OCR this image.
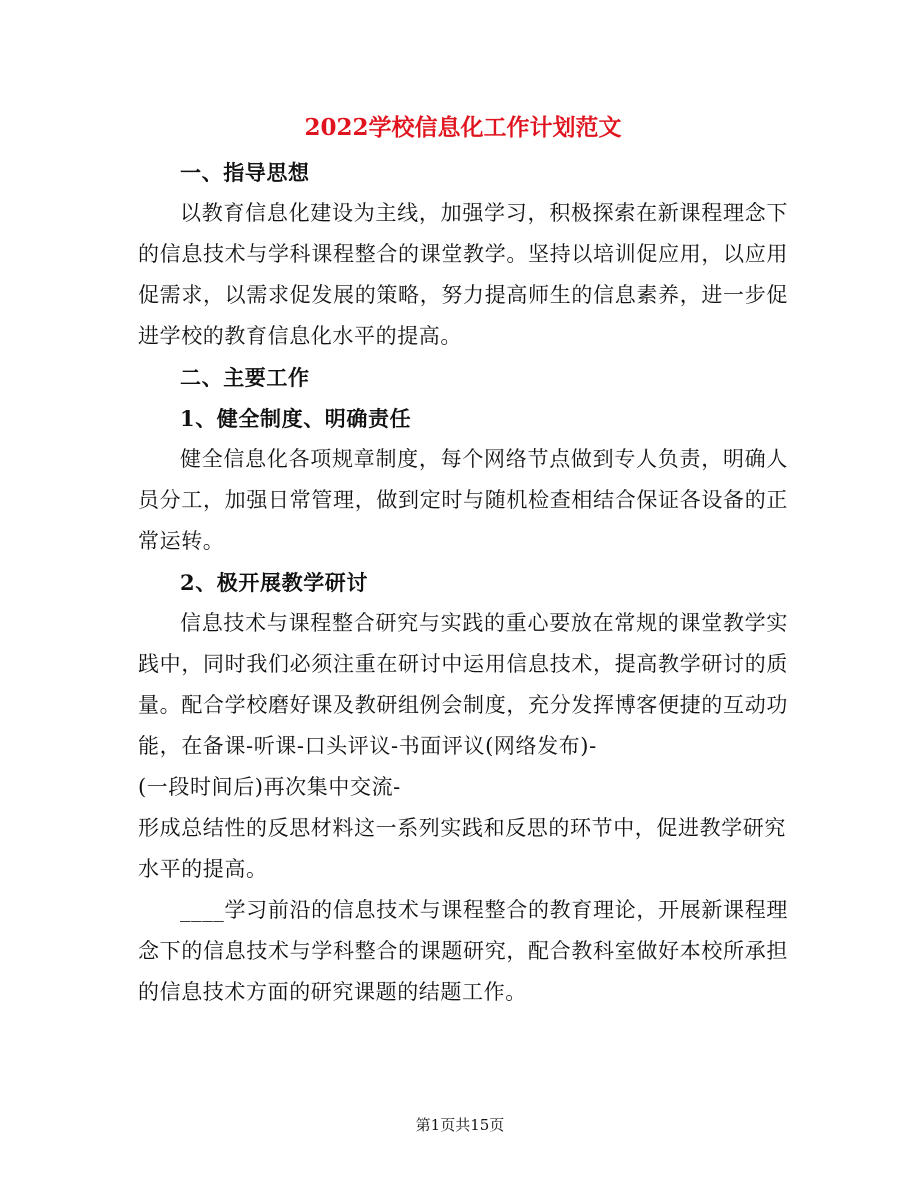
2022学校信息化工作计划范文

一、指导思想

以教育信息化建设为主线，加强学习，积极探索在新课程理念下的信息技术与学科课程整合的课堂教学。坚持以培训促应用，以应用促需求，以需求促发展的策略，努力提高师生的信息素养，进一步促进学校的教育信息化水平的提高。

二、主要工作

1、健全制度、明确责任

健全信息化各项规章制度，每个网络节点做到专人负责，明确人员分工，加强日常管理，做到定时与随机检查相结合保证各设备的正常运转。

2、极开展教学研讨

信息技术与课程整合研究与实践的重心要放在常规的课堂教学实践中，同时我们必须注重在研讨中运用信息技术，提高教学研讨的质量。配合学校磨好课及教研组例会制度，充分发挥博客便捷的互动功能，在备课-听课-口头评议-书面评议(网络发布)-

(一段时间后)再次集中交流-

形成总结性的反思材料这一系列实践和反思的环节中，促进教学研究水平的提高。

____学习前沿的信息技术与课程整合的教育理论，开展新课程理念下的信息技术与学科整合的课题研究，配合教科室做好本校所承担的信息技术方面的研究课题的结题工作。

第1页共15页
